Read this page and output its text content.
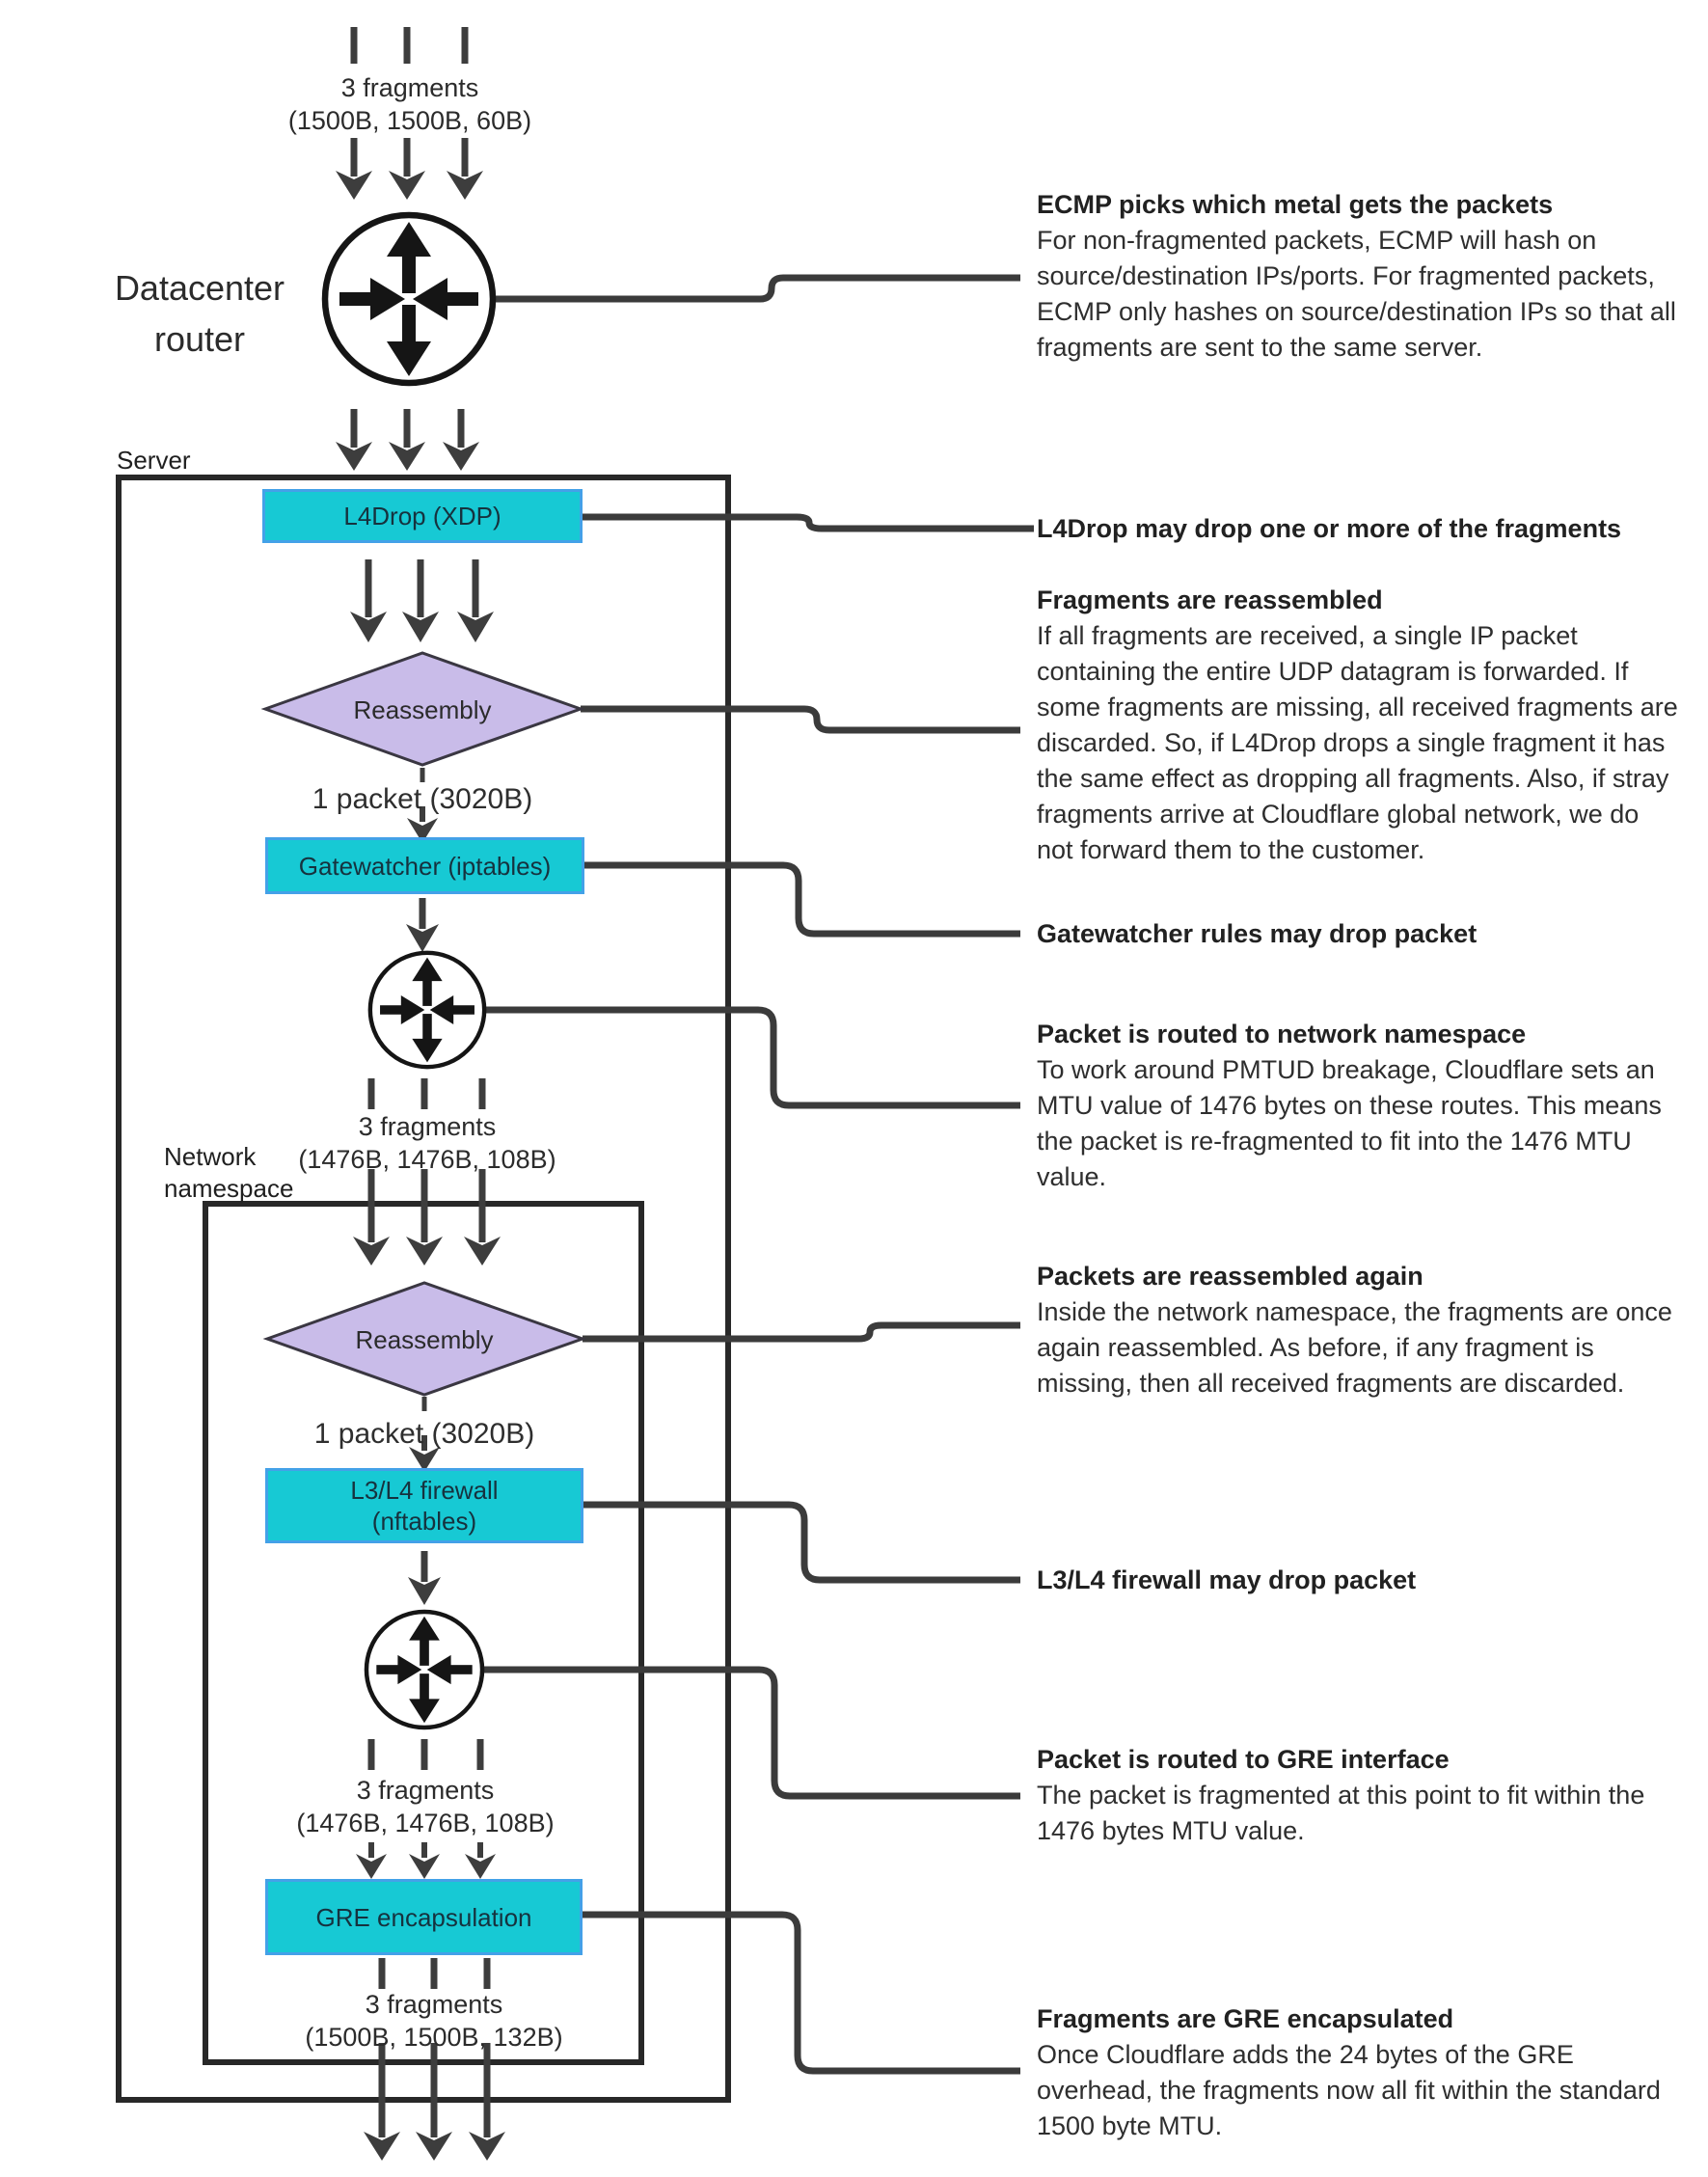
L4Drop (XDP)
Gatewatcher (iptables)
L3/L4 firewall
(nftables)
GRE encapsulation
3 fragments
(1500B, 1500B, 60B)
Datacenter
router
Server
Reassembly
1 packet (3020B)
3 fragments
(1476B, 1476B, 108B)
Network
namespace
Reassembly
1 packet (3020B)
3 fragments
(1476B, 1476B, 108B)
3 fragments
(1500B, 1500B, 132B)
ECMP picks which metal gets the packets
For non-fragmented packets, ECMP will hash on source/destination IPs/ports. For fragmented packets, ECMP only hashes on source/destination IPs so that all fragments are sent to the same server.
L4Drop may drop one or more of the fragments
Fragments are reassembled
If all fragments are received, a single IP packet containing the entire UDP datagram is forwarded. If some fragments are missing, all received fragments are discarded. So, if L4Drop drops a single fragment it has the same effect as dropping all fragments. Also, if stray fragments arrive at Cloudflare global network, we do not forward them to the customer.
Gatewatcher rules may drop packet
Packet is routed to network namespace
To work around PMTUD breakage, Cloudflare sets an MTU value of 1476 bytes on these routes. This means the packet is re-fragmented to fit into the 1476 MTU value.
Packets are reassembled again
Inside the network namespace, the fragments are once again reassembled. As before, if any fragment is missing, then all received fragments are discarded.
L3/L4 firewall may drop packet
Packet is routed to GRE interface
The packet is fragmented at this point to fit within the 1476 bytes MTU value.
Fragments are GRE encapsulated
Once Cloudflare adds the 24 bytes of the GRE overhead, the fragments now all fit within the standard 1500 byte MTU.
